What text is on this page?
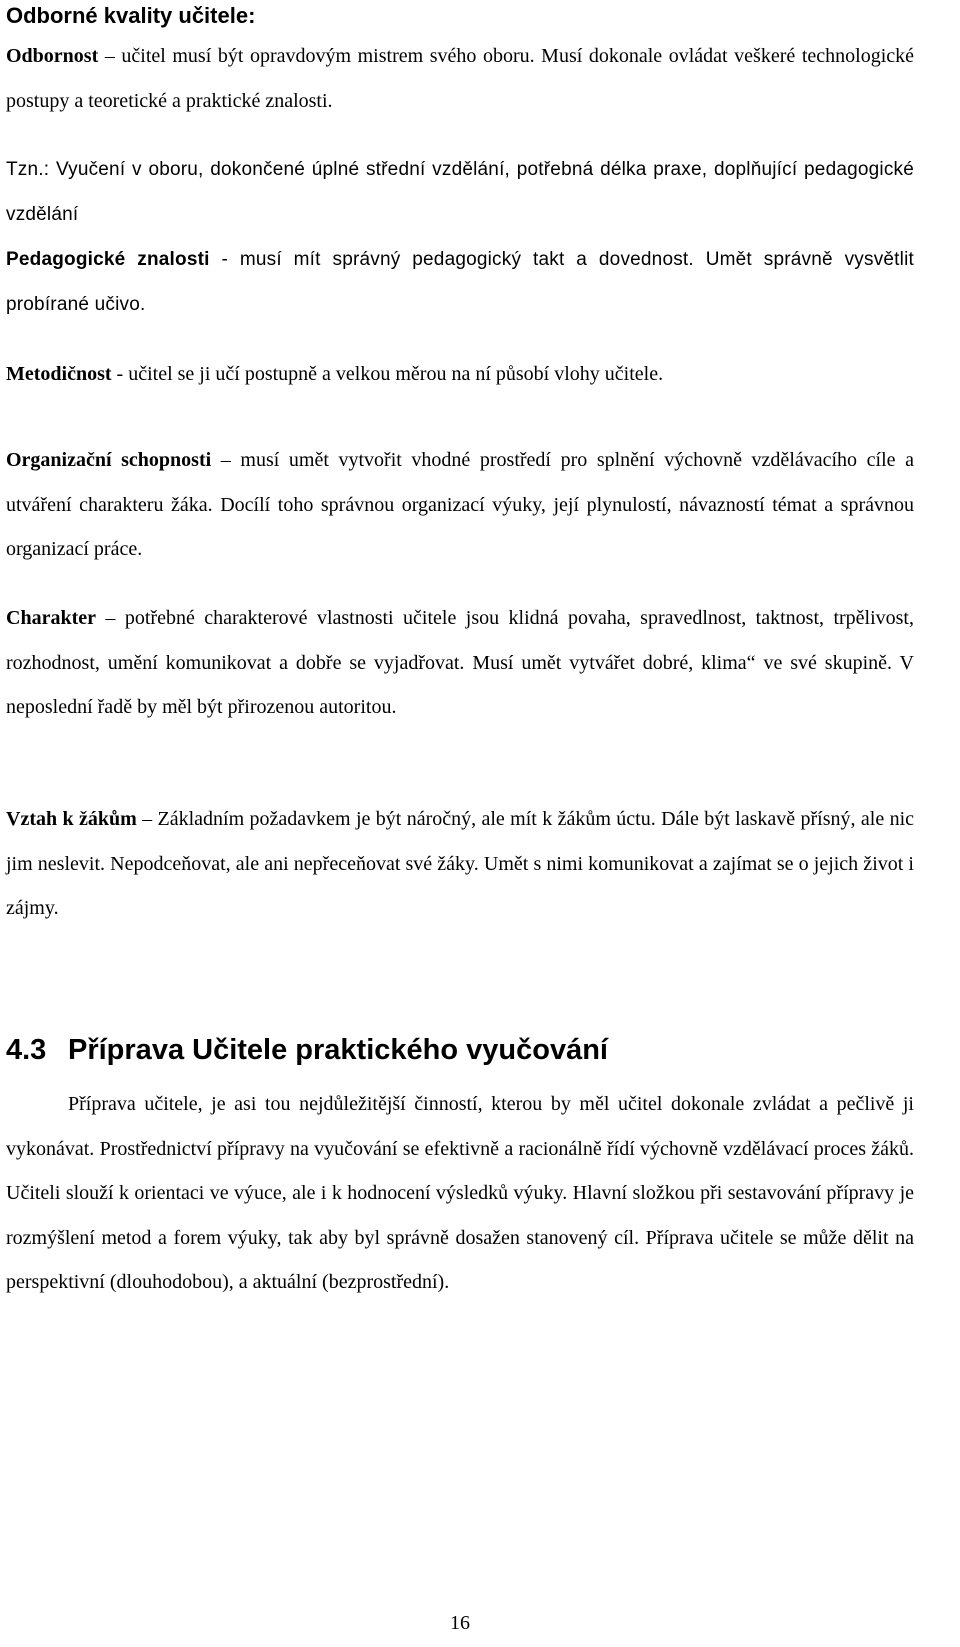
Odborné kvality učitele:

Odbornost – učitel musí být opravdovým mistrem svého oboru. Musí dokonale ovládat veškeré technologické postupy a teoretické a praktické znalosti.

Tzn.: Vyučení v oboru, dokončené úplné střední vzdělání, potřebná délka praxe, doplňující pedagogické vzdělání

Pedagogické znalosti - musí mít správný pedagogický takt a dovednost. Umět správně vysvětlit probírané učivo.

Metodičnost - učitel se ji učí postupně a velkou měrou na ní působí vlohy učitele.

Organizační schopnosti – musí umět vytvořit vhodné prostředí pro splnění výchovně vzdělávacího cíle a utváření charakteru žáka. Docílí toho správnou organizací výuky, její plynulostí, návazností témat a správnou organizací práce.

Charakter – potřebné charakterové vlastnosti učitele jsou klidná povaha, spravedlnost, taktnost, trpělivost, rozhodnost, umění komunikovat a dobře se vyjadřovat. Musí umět vytvářet dobré, klima“ ve své skupině. V neposlední řadě by měl být přirozenou autoritou.

Vztah k žákům – Základním požadavkem je být náročný, ale mít k žákům úctu. Dále být laskavě přísný, ale nic jim neslevit. Nepodceňovat, ale ani nepřeceňovat své žáky. Umět s nimi komunikovat a zajímat se o jejich život i zájmy.

4.3 Příprava Učitele praktického vyučování

Příprava učitele, je asi tou nejdůležitější činností, kterou by měl učitel dokonale zvládat a pečlivě ji vykonávat. Prostřednictví přípravy na vyučování se efektivně a racionálně řídí výchovně vzdělávací proces žáků. Učiteli slouží k orientaci ve výuce, ale i k hodnocení výsledků výuky. Hlavní složkou při sestavování přípravy je rozmýšlení metod a forem výuky, tak aby byl správně dosažen stanovený cíl. Příprava učitele se může dělit na perspektivní (dlouhodobou), a aktuální (bezprostřední).

16
